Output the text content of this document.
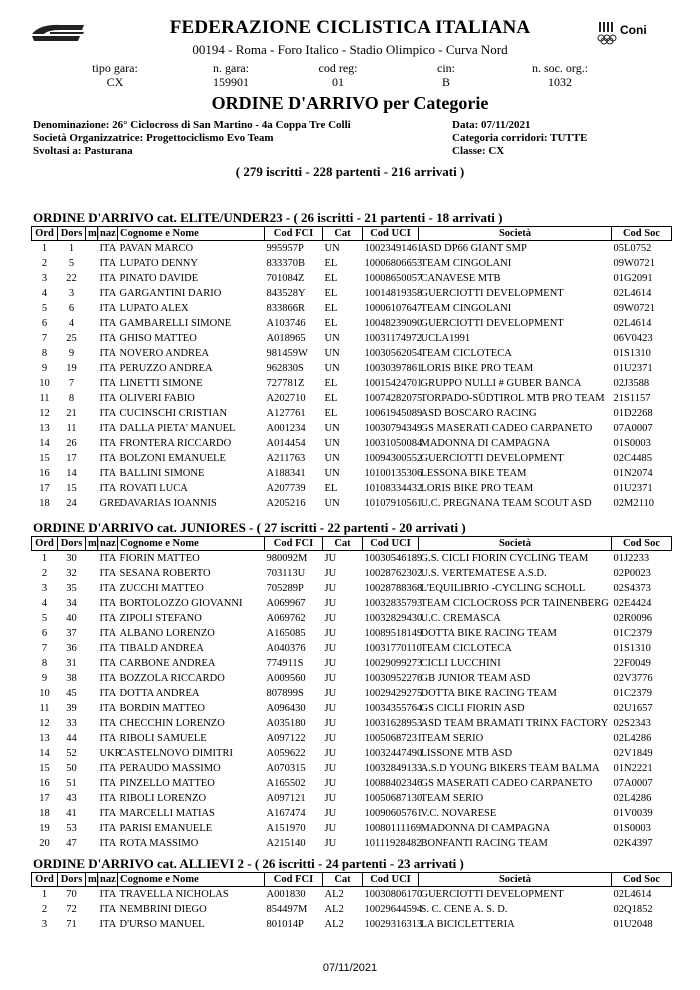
FEDERAZIONE CICLISTICA ITALIANA
00194 - Roma - Foro Italico - Stadio Olimpico - Curva Nord
Coni
tipo gara:
CX
n. gara:
159901
cod reg:
01
cin:
B
n. soc. org.:
1032
ORDINE D'ARRIVO per Categorie
Denominazione: 26° Ciclocross di San Martino - 4a Coppa Tre Colli
Società Organizzatrice: Progettociclismo Evo Team
Svoltasi a: Pasturana
Data: 07/11/2021
Categoria corridori: TUTTE
Classe: CX
( 279 iscritti - 228 partenti - 216 arrivati )
ORDINE D'ARRIVO cat. ELITE/UNDER23 - ( 26 iscritti - 21 partenti - 18 arrivati )
Ord	Dors	m|	naz	Cognome e Nome	Cod FCI	Cat	Cod UCI	Società	Cod Soc
1	1		ITA	PAVAN MARCO	995957P	UN	10023491461	ASD DP66 GIANT SMP	05L0752
2	5		ITA	LUPATO DENNY	833370B	EL	10006806653	TEAM CINGOLANI	09W0721
3	22		ITA	PINATO DAVIDE	701084Z	EL	10008650057	CANAVESE MTB	01G2091
4	3		ITA	GARGANTINI DARIO	843528Y	EL	10014819358	GUERCIOTTI DEVELOPMENT	02L4614
5	6		ITA	LUPATO ALEX	833866R	EL	10006107647	TEAM CINGOLANI	09W0721
6	4		ITA	GAMBARELLI SIMONE	A103746	EL	10048239090	GUERCIOTTI DEVELOPMENT	02L4614
7	25		ITA	GHISO MATTEO	A018965	UN	10031174972	UCLA1991	06V0423
8	9		ITA	NOVERO ANDREA	981459W	UN	10030562054	TEAM CICLOTECA	01S1310
9	19		ITA	PERUZZO ANDREA	962830S	UN	10030397861	LORIS BIKE PRO TEAM	01U2371
10	7		ITA	LINETTI SIMONE	727781Z	EL	10015424701	GRUPPO NULLI # GUBER BANCA	02J3588
11	8		ITA	OLIVERI FABIO	A202710	EL	10074282075	TORPADO-SÜDTIROL MTB PRO TEAM	21S1157
12	21		ITA	CUCINSCHI CRISTIAN	A127761	EL	10061945089	ASD BOSCARO RACING	01D2268
13	11		ITA	DALLA PIETA' MANUEL	A001234	UN	10030794349	GS MASERATI CADEO CARPANETO	07A0007
14	26		ITA	FRONTERA RICCARDO	A014454	UN	10031050084	MADONNA DI CAMPAGNA	01S0003
15	17		ITA	BOLZONI EMANUELE	A211763	UN	10094300552	GUERCIOTTI DEVELOPMENT	02C4485
16	14		ITA	BALLINI SIMONE	A188341	UN	10100135306	LESSONA BIKE TEAM	01N2074
17	15		ITA	ROVATI LUCA	A207739	EL	10108334432	LORIS BIKE PRO TEAM	01U2371
18	24		GRE	DAVARIAS IOANNIS	A205216	UN	10107910561	U.C. PREGNANA TEAM SCOUT ASD	02M2110
ORDINE D'ARRIVO cat. JUNIORES - ( 27 iscritti - 22 partenti - 20 arrivati )
Ord	Dors	m|	naz	Cognome e Nome	Cod FCI	Cat	Cod UCI	Società	Cod Soc
1	30		ITA	FIORIN MATTEO	980092M	JU	10030546189	G.S. CICLI FIORIN CYCLING TEAM	01J2233
2	32		ITA	SESANA ROBERTO	703113U	JU	10028762302	U.S. VERTEMATESE A.S.D.	02P0023
3	35		ITA	ZUCCHI MATTEO	705289P	JU	10028788368	L'EQUILIBRIO -CYCLING SCHOLL	02S4373
4	34		ITA	BORTOLOZZO GIOVANNI	A069967	JU	10032835793	TEAM CICLOCROSS PCR TAINENBERG	02E4424
5	40		ITA	ZIPOLI STEFANO	A069762	JU	10032829430	U.C. CREMASCA	02R0096
6	37		ITA	ALBANO LORENZO	A165085	JU	10089518149	DOTTA BIKE RACING TEAM	01C2379
7	36		ITA	TIBALD ANDREA	A040376	JU	10031770110	TEAM CICLOTECA	01S1310
8	31		ITA	CARBONE ANDREA	774911S	JU	10029099273	CICLI LUCCHINI	22F0049
9	38		ITA	BOZZOLA RICCARDO	A009560	JU	10030952276	GB JUNIOR TEAM ASD	02V3776
10	45		ITA	DOTTA ANDREA	807899S	JU	10029429275	DOTTA BIKE RACING TEAM	01C2379
11	39		ITA	BORDIN MATTEO	A096430	JU	10034355764	GS CICLI FIORIN ASD	02U1657
12	33		ITA	CHECCHIN LORENZO	A035180	JU	10031628953	ASD TEAM BRAMATI TRINX FACTORY	02S2343
13	44		ITA	RIBOLI SAMUELE	A097122	JU	10050687231	TEAM SERIO	02L4286
14	52		UKR	CASTELNOVO DIMITRI	A059622	JU	10032447490	LISSONE MTB ASD	02V1849
15	50		ITA	PERAUDO MASSIMO	A070315	JU	10032849133	A.S.D YOUNG BIKERS TEAM BALMA	01N2221
16	51		ITA	PINZELLO MATTEO	A165502	JU	10088402346	GS MASERATI CADEO CARPANETO	07A0007
17	43		ITA	RIBOLI LORENZO	A097121	JU	10050687130	TEAM SERIO	02L4286
18	41		ITA	MARCELLI MATIAS	A167474	JU	10090605761	V.C. NOVARESE	01V0039
19	53		ITA	PARISI EMANUELE	A151970	JU	10080111169	MADONNA DI CAMPAGNA	01S0003
20	47		ITA	ROTA MASSIMO	A215140	JU	10111928482	BONFANTI RACING TEAM	02K4397
ORDINE D'ARRIVO cat. ALLIEVI 2 - ( 26 iscritti - 24 partenti - 23 arrivati )
Ord	Dors	m|	naz	Cognome e Nome	Cod FCI	Cat	Cod UCI	Società	Cod Soc
1	70		ITA	TRAVELLA NICHOLAS	A001830	AL2	10030806170	GUERCIOTTI DEVELOPMENT	02L4614
2	72		ITA	NEMBRINI DIEGO	854497M	AL2	10029644594	S. C. CENE A. S. D.	02Q1852
3	71		ITA	D'URSO MANUEL	801014P	AL2	10029316313	LA BICICLETTERIA	01U2048
07/11/2021
